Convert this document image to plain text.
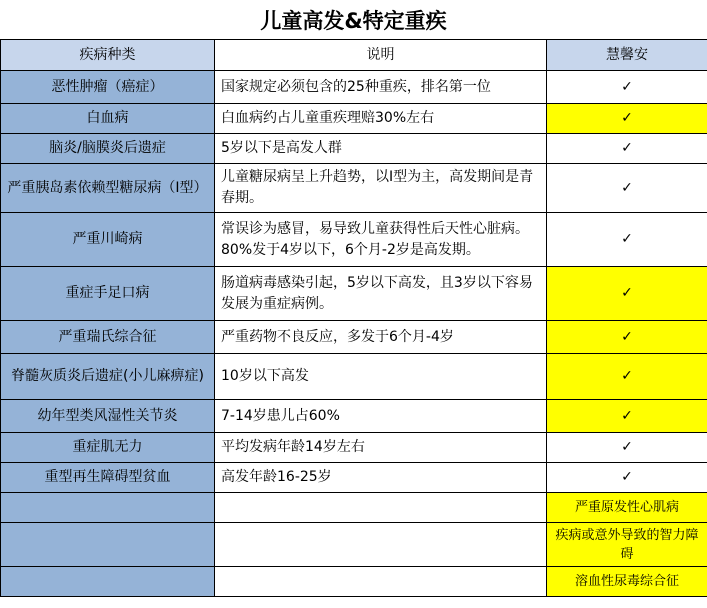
儿童高发&特定重疾
疾病种类	说明	慧馨安
恶性肿瘤（癌症）	国家规定必须包含的25种重疾，排名第一位	✓
白血病	白血病约占儿童重疾理赔30%左右	✓
脑炎/脑膜炎后遗症	5岁以下是高发人群	✓
严重胰岛素依赖型糖尿病（Ⅰ型）	儿童糖尿病呈上升趋势，以Ⅰ型为主，高发期间是青春期。	✓
严重川崎病	常误诊为感冒，易导致儿童获得性后天性心脏病。80%发于4岁以下，6个月-2岁是高发期。	✓
重症手足口病	肠道病毒感染引起，5岁以下高发，且3岁以下容易发展为重症病例。	✓
严重瑞氏综合征	严重药物不良反应，多发于6个月-4岁	✓
脊髓灰质炎后遗症(小儿麻痹症)	10岁以下高发	✓
幼年型类风湿性关节炎	7-14岁患儿占60%	✓
重症肌无力	平均发病年龄14岁左右	✓
重型再生障碍型贫血	高发年龄16-25岁	✓
		严重原发性心肌病
		疾病或意外导致的智力障碍
		溶血性尿毒综合征
